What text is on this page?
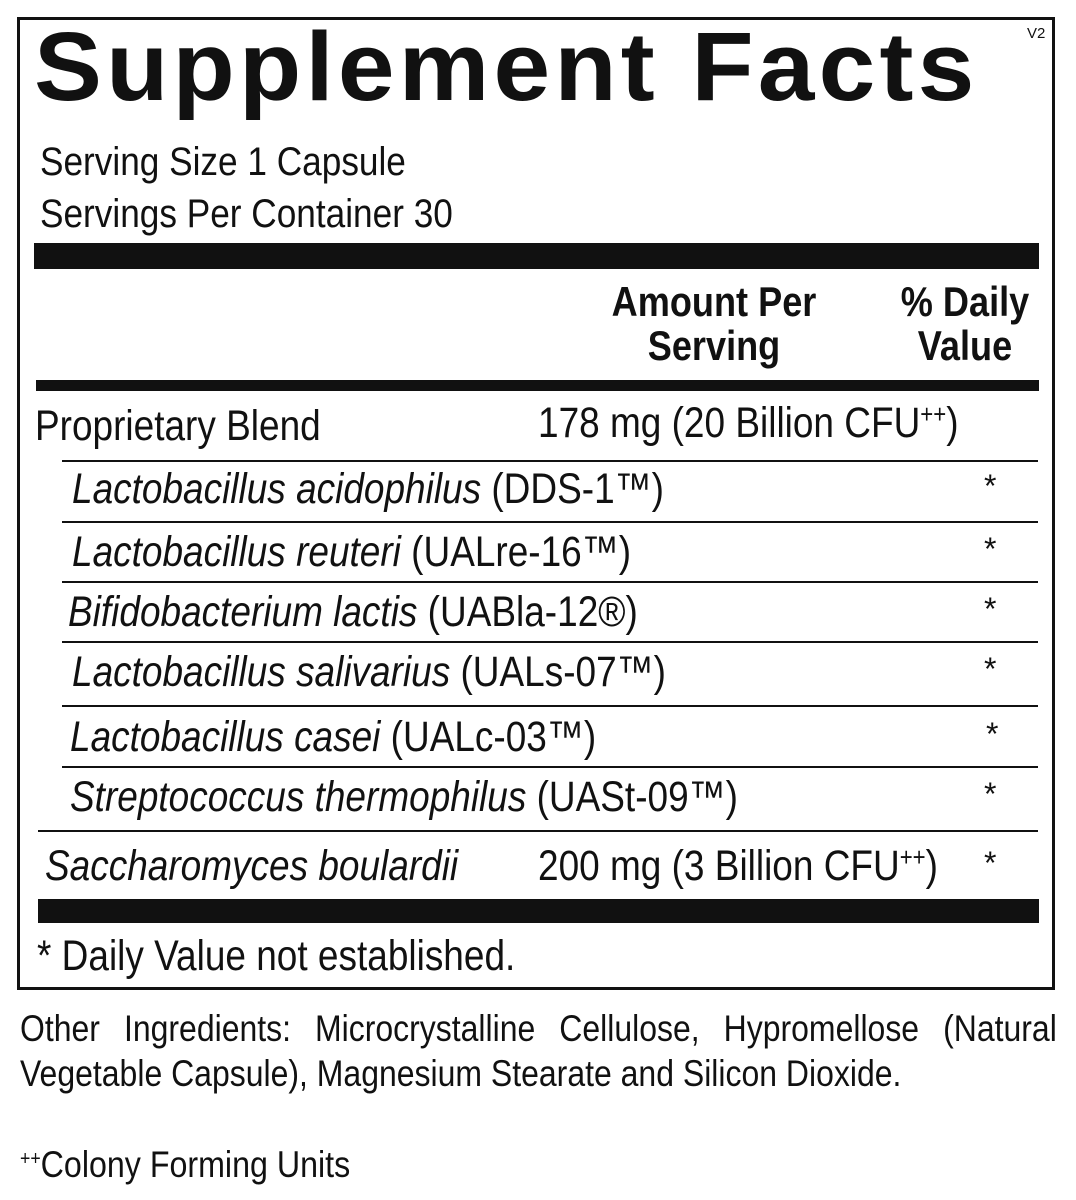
V2
Supplement Facts
Serving Size 1 Capsule
Servings Per Container 30
Amount Per
Serving
% Daily
Value
Proprietary Blend	178 mg (20 Billion CFU++)
Lactobacillus acidophilus (DDS-1™)	*
Lactobacillus reuteri (UALre-16™)	*
Bifidobacterium lactis (UABla-12®)	*
Lactobacillus salivarius (UALs-07™)	*
Lactobacillus casei (UALc-03™)	*
Streptococcus thermophilus (UASt-09™)	*
Saccharomyces boulardii 200 mg (3 Billion CFU++) *
* Daily Value not established.
Other Ingredients: Microcrystalline Cellulose, Hypromellose (Natural Vegetable Capsule), Magnesium Stearate and Silicon Dioxide.
++Colony Forming Units
